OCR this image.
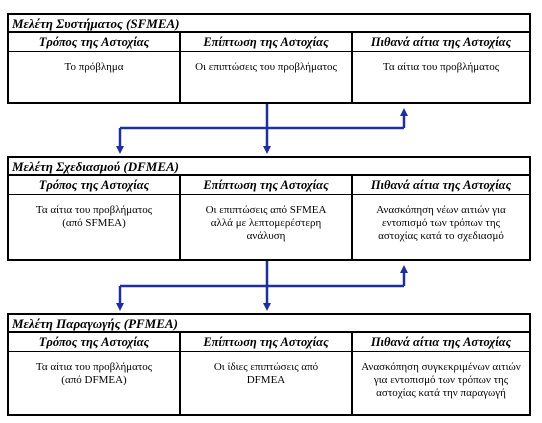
Μελέτη Συστήματος (SFMEA)
Τρόπος της Αστοχίας
Το πρόβλημα
Επίπτωση της Αστοχίας
Οι επιπτώσεις του προβλήματος
Πιθανά αίτια της Αστοχίας
Τα αίτια του προβλήματος
Μελέτη Σχεδιασμού (DFMEA)
Τρόπος της Αστοχίας
Τα αίτια του προβλήματος (από SFMEA)
Επίπτωση της Αστοχίας
Οι επιπτώσεις από SFMEA αλλά με λεπτομερέστερη ανάλυση
Πιθανά αίτια της Αστοχίας
Ανασκόπηση νέων αιτιών για εντοπισμό των τρόπων της αστοχίας κατά το σχεδιασμό
Μελέτη Παραγωγής (PFMEA)
Τρόπος της Αστοχίας
Τα αίτια του προβλήματος (από DFMEA)
Επίπτωση της Αστοχίας
Οι ίδιες επιπτώσεις από DFMEA
Πιθανά αίτια της Αστοχίας
Ανασκόπηση συγκεκριμένων αιτιών για εντοπισμό των τρόπων της αστοχίας κατά την παραγωγή
